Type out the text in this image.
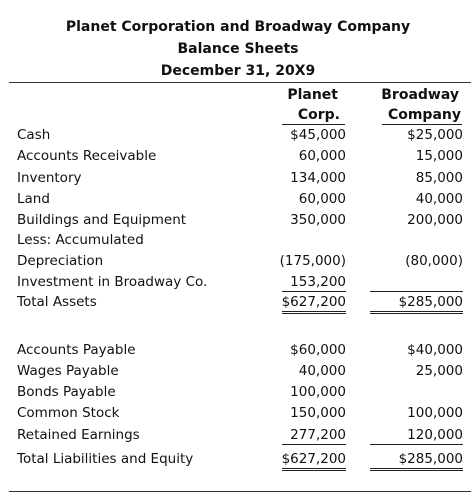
Planet Corporation and Broadway Company
Balance Sheets
December 31, 20X9
Planet
Corp.
Broadway
Company
Cash	$45,000	$25,000
Accounts Receivable	60,000	15,000
Inventory	134,000	85,000
Land	60,000	40,000
Buildings and Equipment	350,000	200,000
Less: Accumulated
Depreciation	(175,000)	(80,000)
Investment in Broadway Co.	153,200
Total Assets	$627,200	$285,000
Accounts Payable	$60,000	$40,000
Wages Payable	40,000	25,000
Bonds Payable	100,000
Common Stock	150,000	100,000
Retained Earnings	277,200	120,000
Total Liabilities and Equity	$627,200	$285,000
